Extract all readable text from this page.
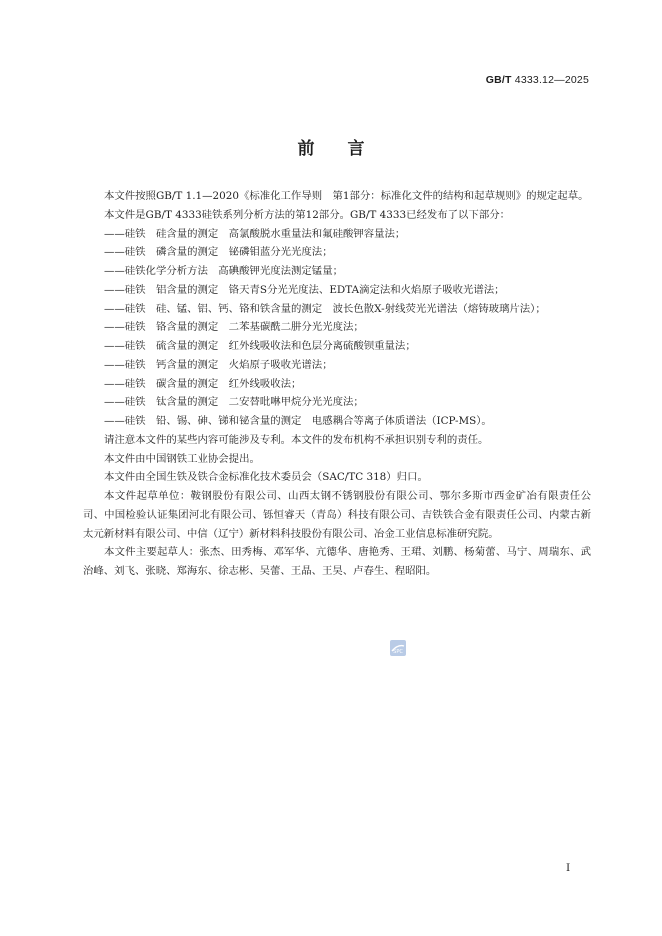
GB/T 4333.12—2025
前言

本文件按照GB/T 1.1—2020《标准化工作导则　第1部分：标准化文件的结构和起草规则》的规定起草。

本文件是GB/T 4333硅铁系列分析方法的第12部分。GB/T 4333已经发布了以下部分：

——硅铁　硅含量的测定　高氯酸脱水重量法和氟硅酸钾容量法；
——硅铁　磷含量的测定　铋磷钼蓝分光光度法；
——硅铁化学分析方法　高碘酸钾光度法测定锰量；
——硅铁　铝含量的测定　铬天青S分光光度法、EDTA滴定法和火焰原子吸收光谱法；
——硅铁　硅、锰、铝、钙、铬和铁含量的测定　波长色散X-射线荧光光谱法（熔铸玻璃片法）；
——硅铁　铬含量的测定　二苯基碳酰二肼分光光度法；
——硅铁　硫含量的测定　红外线吸收法和色层分离硫酸钡重量法；
——硅铁　钙含量的测定　火焰原子吸收光谱法；
——硅铁　碳含量的测定　红外线吸收法；
——硅铁　钛含量的测定　二安替吡啉甲烷分光光度法；
——硅铁　铅、锡、砷、锑和铋含量的测定　电感耦合等离子体质谱法（ICP-MS）。

请注意本文件的某些内容可能涉及专利。本文件的发布机构不承担识别专利的责任。

本文件由中国钢铁工业协会提出。

本文件由全国生铁及铁合金标准化技术委员会（SAC/TC 318）归口。

本文件起草单位：鞍钢股份有限公司、山西太钢不锈钢股份有限公司、鄂尔多斯市西金矿冶有限责任公司、中国检验认证集团河北有限公司、铄恒睿天（青岛）科技有限公司、吉铁铁合金有限责任公司、内蒙古新太元新材料有限公司、中信（辽宁）新材料科技股份有限公司、冶金工业信息标准研究院。

本文件主要起草人：张杰、田秀梅、邓军华、亢德华、唐艳秀、王珺、刘鹏、杨菊蕾、马宁、周瑞东、武治峰、刘飞、张晓、郑海东、徐志彬、吴蕾、王晶、王昊、卢春生、程昭阳。

SPC
I
